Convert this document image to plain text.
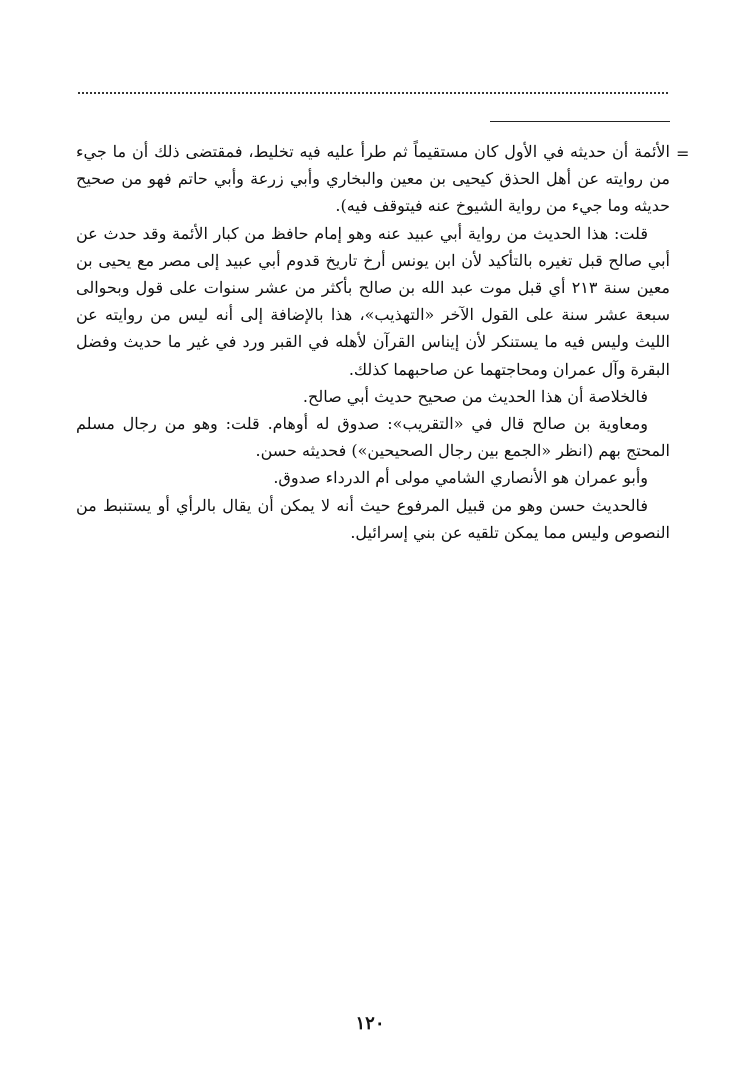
=

الأئمة أن حديثه في الأول كان مستقيماً ثم طرأ عليه فيه تخليط، فمقتضى ذلك أن ما جيء من روايته عن أهل الحذق كيحيى بن معين والبخاري وأبي زرعة وأبي حاتم فهو من صحيح حديثه وما جيء من رواية الشيوخ عنه فيتوقف فيه).

قلت: هذا الحديث من رواية أبي عبيد عنه وهو إمام حافظ من كبار الأئمة وقد حدث عن أبي صالح قبل تغيره بالتأكيد لأن ابن يونس أرخ تاريخ قدوم أبي عبيد إلى مصر مع يحيى بن معين سنة ٢١٣ أي قبل موت عبد الله بن صالح بأكثر من عشر سنوات على قول وبحوالى سبعة عشر سنة على القول الآخر «التهذيب»، هذا بالإضافة إلى أنه ليس من روايته عن الليث وليس فيه ما يستنكر لأن إيناس القرآن لأهله في القبر ورد في غير ما حديث وفضل البقرة وآل عمران ومحاجتهما عن صاحبهما كذلك.

فالخلاصة أن هذا الحديث من صحيح حديث أبي صالح.

ومعاوية بن صالح قال في «التقريب»: صدوق له أوهام. قلت: وهو من رجال مسلم المحتج بهم (انظر «الجمع بين رجال الصحيحين») فحديثه حسن.

وأبو عمران هو الأنصاري الشامي مولى أم الدرداء صدوق.

فالحديث حسن وهو من قبيل المرفوع حيث أنه لا يمكن أن يقال بالرأي أو يستنبط من النصوص وليس مما يمكن تلقيه عن بني إسرائيل.

١٢٠
